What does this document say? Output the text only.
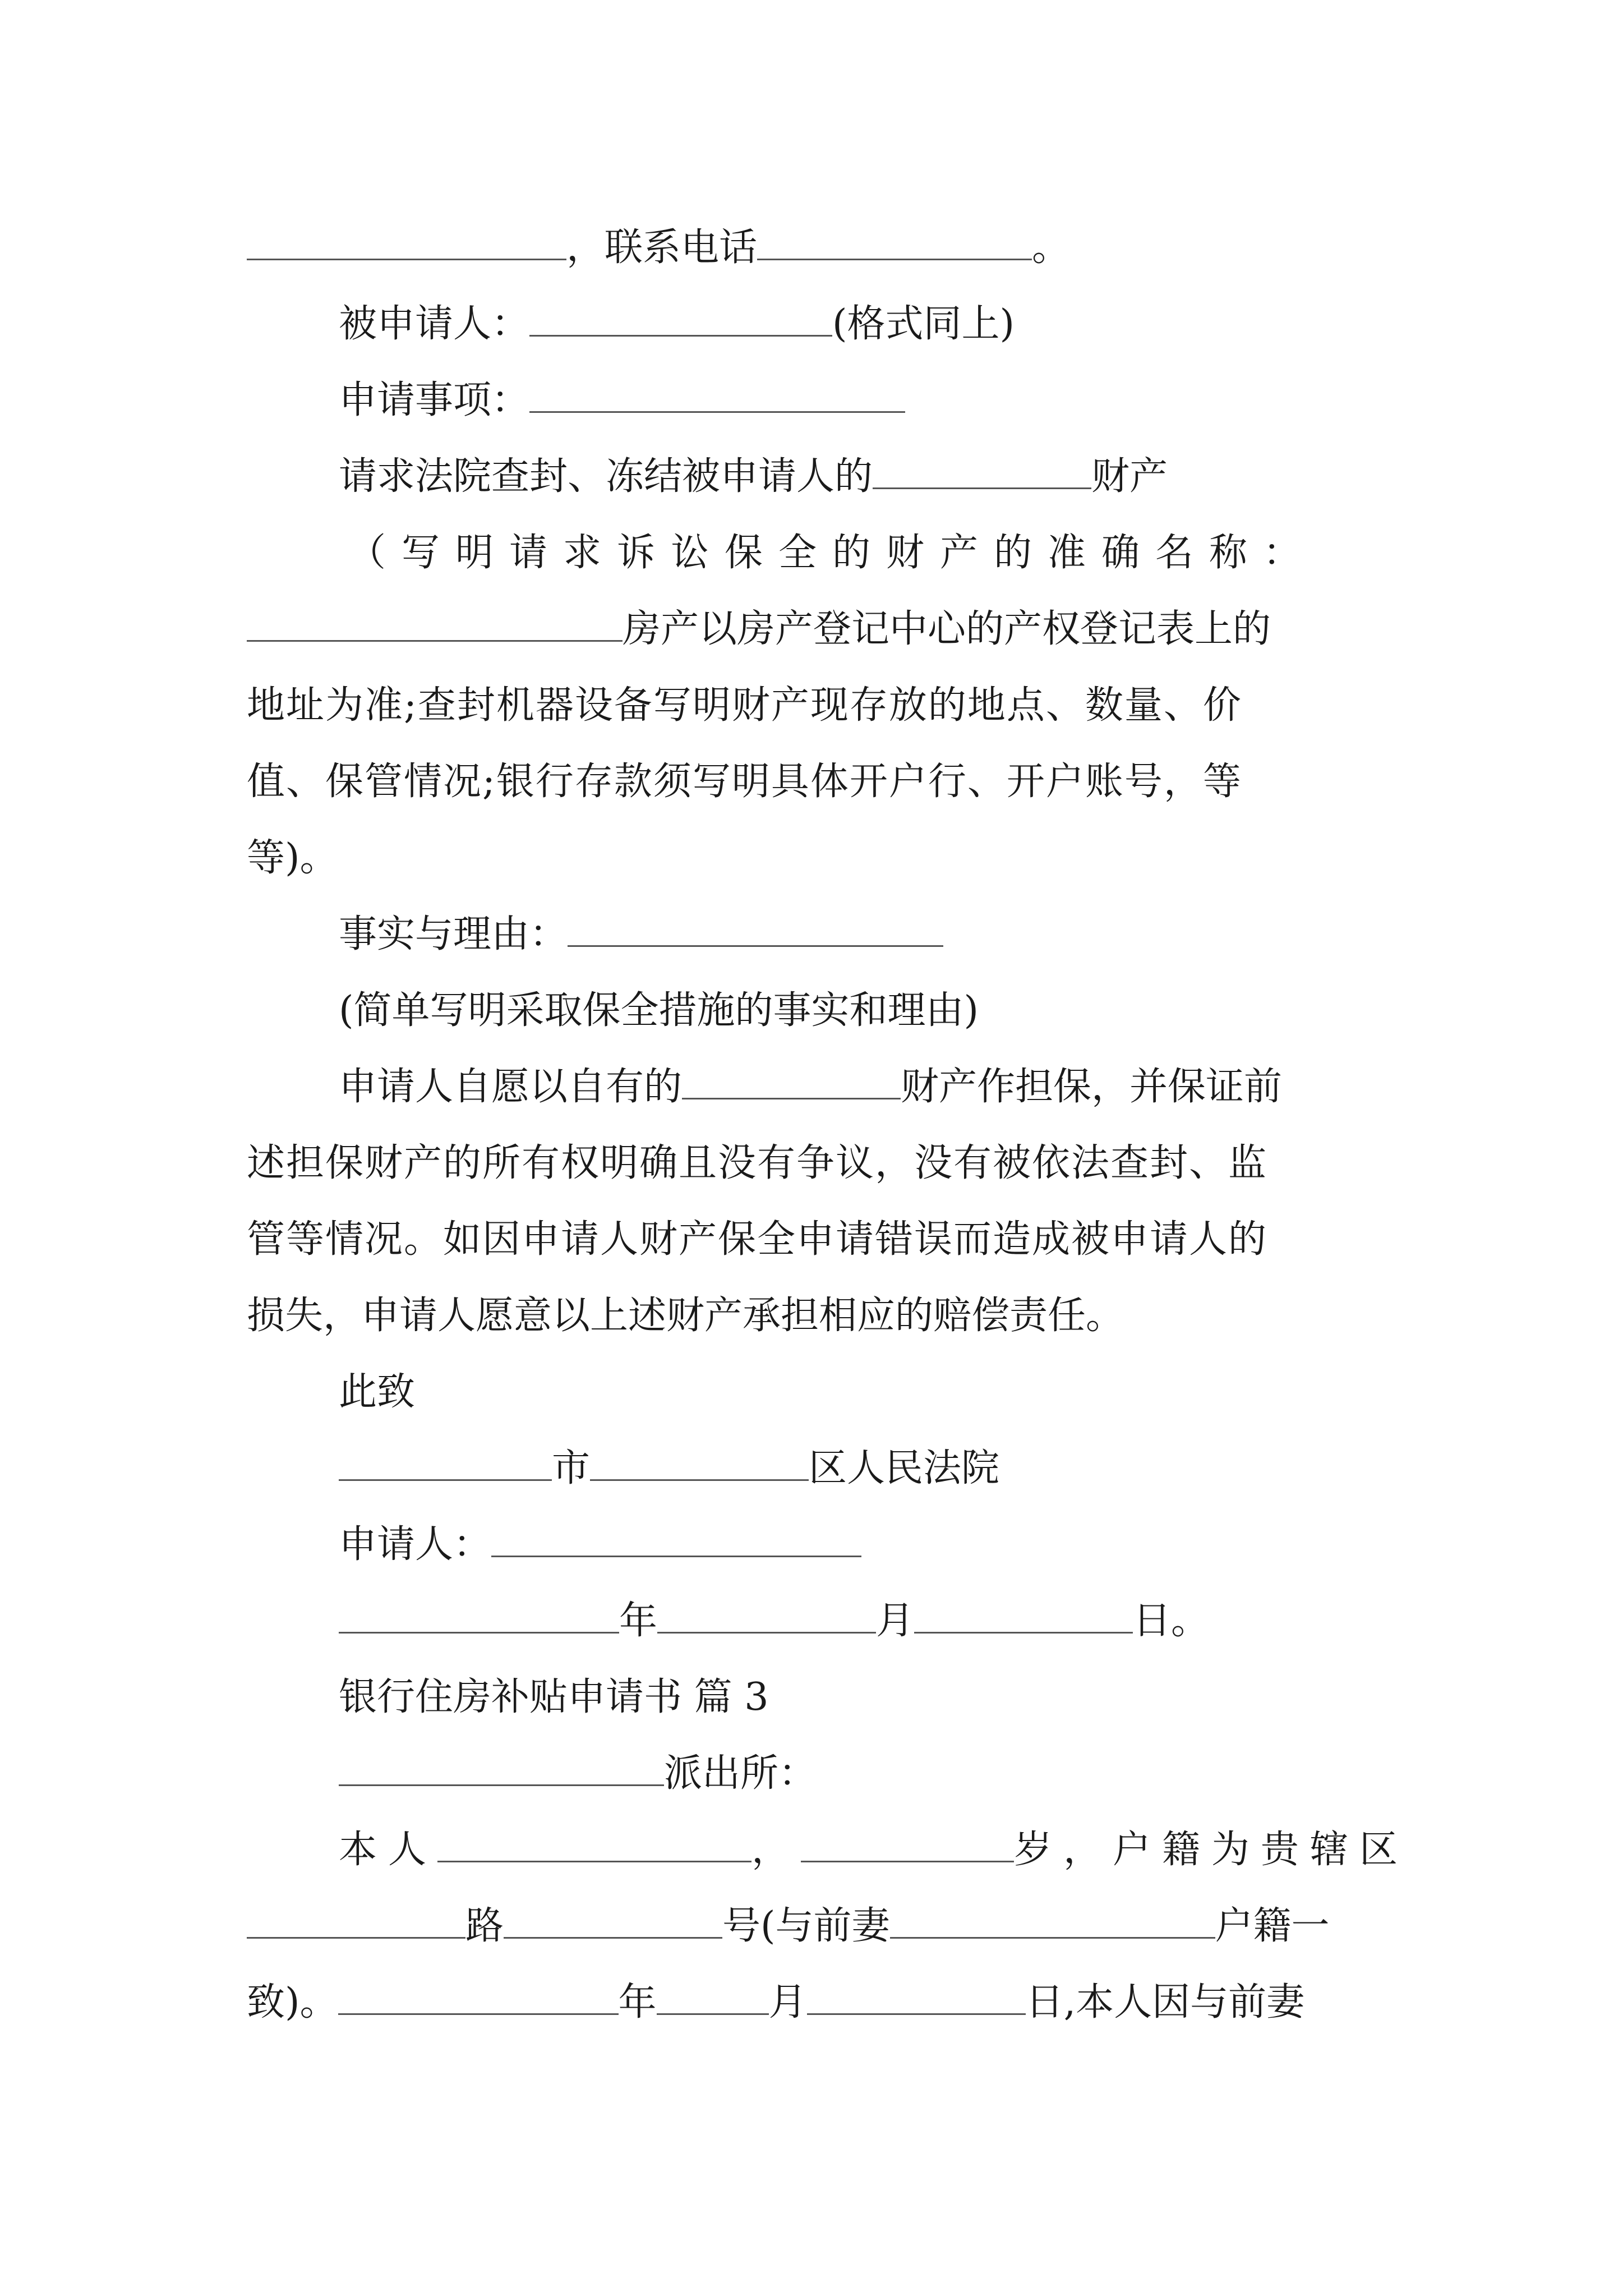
，联系电话	。
被申请人：	(格式同上)
申请事项：
请求法院查封、冻结被申请人的	财产
（写明请求诉讼保全的财产的准确名称：
房产以房产登记中心的产权登记表上的
地址为准;查封机器设备写明财产现存放的地点、数量、价
值、保管情况;银行存款须写明具体开户行、开户账号，等
等)。
事实与理由：
(简单写明采取保全措施的事实和理由)
申请人自愿以自有的	财产作担保，并保证前
述担保财产的所有权明确且没有争议，没有被依法查封、监
管等情况。如因申请人财产保全申请错误而造成被申请人的
损失，申请人愿意以上述财产承担相应的赔偿责任。
此致
市	区人民法院
申请人：
年	月	日。
银行住房补贴申请书 篇 3
派出所：
本人	，	岁，户籍为贵辖区
路	号(与前妻	户籍一
致)。	年	月	日,本人因与前妻
